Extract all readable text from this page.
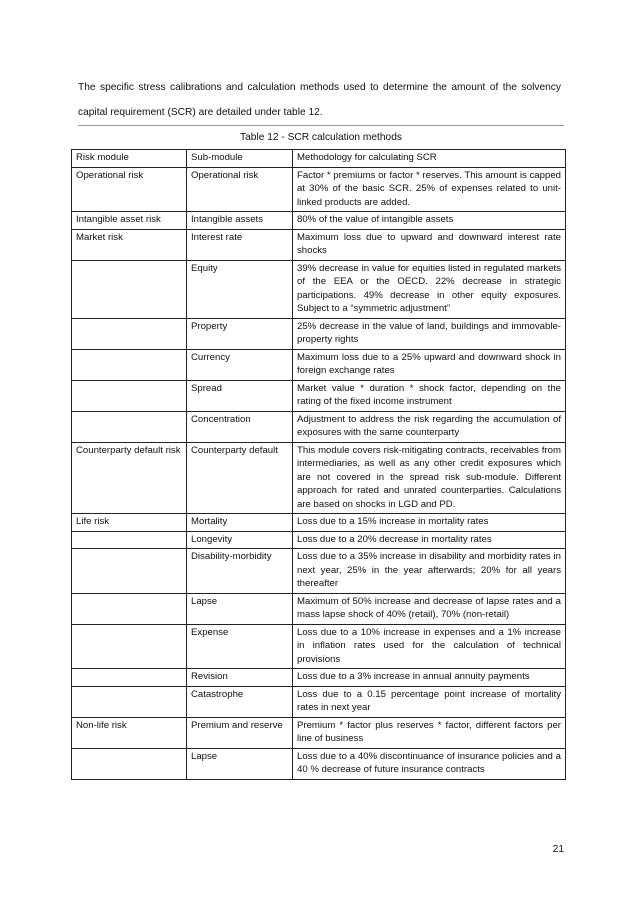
The specific stress calibrations and calculation methods used to determine the amount of the solvency capital requirement (SCR) are detailed under table 12.
Table 12 - SCR calculation methods
Risk module	Sub-module	Methodology for calculating SCR
Operational risk	Operational risk	Factor * premiums or factor * reserves. This amount is capped at 30% of the basic SCR. 25% of expenses related to unit-linked products are added.
Intangible asset risk	Intangible assets	80% of the value of intangible assets
Market risk	Interest rate	Maximum loss due to upward and downward interest rate shocks
	Equity	39% decrease in value for equities listed in regulated markets of the EEA or the OECD. 22% decrease in strategic participations. 49% decrease in other equity exposures. Subject to a “symmetric adjustment”
	Property	25% decrease in the value of land, buildings and immovable-property rights
	Currency	Maximum loss due to a 25% upward and downward shock in foreign exchange rates
	Spread	Market value * duration * shock factor, depending on the rating of the fixed income instrument
	Concentration	Adjustment to address the risk regarding the accumulation of exposures with the same counterparty
Counterparty default risk	Counterparty default	This module covers risk-mitigating contracts, receivables from intermediaries, as well as any other credit exposures which are not covered in the spread risk sub-module. Different approach for rated and unrated counterparties. Calculations are based on shocks in LGD and PD.
Life risk	Mortality	Loss due to a 15% increase in mortality rates
	Longevity	Loss due to a 20% decrease in mortality rates
	Disability-morbidity	Loss due to a 35% increase in disability and morbidity rates in next year, 25% in the year afterwards; 20% for all years thereafter
	Lapse	Maximum of 50% increase and decrease of lapse rates and a mass lapse shock of 40% (retail), 70% (non-retail)
	Expense	Loss due to a 10% increase in expenses and a 1% increase in inflation rates used for the calculation of technical provisions
	Revision	Loss due to a 3% increase in annual annuity payments
	Catastrophe	Loss due to a 0.15 percentage point increase of mortality rates in next year
Non-life risk	Premium and reserve	Premium * factor plus reserves * factor, different factors per line of business
	Lapse	Loss due to a 40% discontinuance of insurance policies and a 40 % decrease of future insurance contracts
21
